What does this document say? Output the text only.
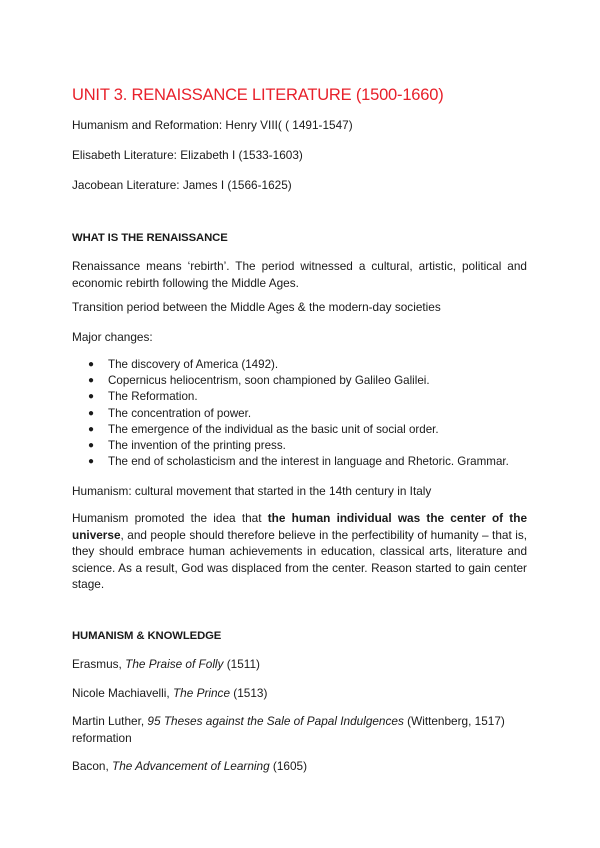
UNIT 3. RENAISSANCE LITERATURE (1500-1660)
Humanism and Reformation: Henry VIII( ( 1491-1547)
Elisabeth Literature: Elizabeth I (1533-1603)
Jacobean Literature: James I (1566-1625)
WHAT IS THE RENAISSANCE
Renaissance means ‘rebirth’. The period witnessed a cultural, artistic, political and economic rebirth following the Middle Ages.
Transition period between the Middle Ages & the modern-day societies
Major changes:
● The discovery of America (1492).
● Copernicus heliocentrism, soon championed by Galileo Galilei.
● The Reformation.
● The concentration of power.
● The emergence of the individual as the basic unit of social order.
● The invention of the printing press.
● The end of scholasticism and the interest in language and Rhetoric. Grammar.
Humanism: cultural movement that started in the 14th century in Italy
Humanism promoted the idea that the human individual was the center of the universe, and people should therefore believe in the perfectibility of humanity – that is, they should embrace human achievements in education, classical arts, literature and science. As a result, God was displaced from the center. Reason started to gain center stage.
HUMANISM & KNOWLEDGE
Erasmus, The Praise of Folly (1511)
Nicole Machiavelli, The Prince (1513)
Martin Luther, 95 Theses against the Sale of Papal Indulgences (Wittenberg, 1517) reformation
Bacon, The Advancement of Learning (1605)
